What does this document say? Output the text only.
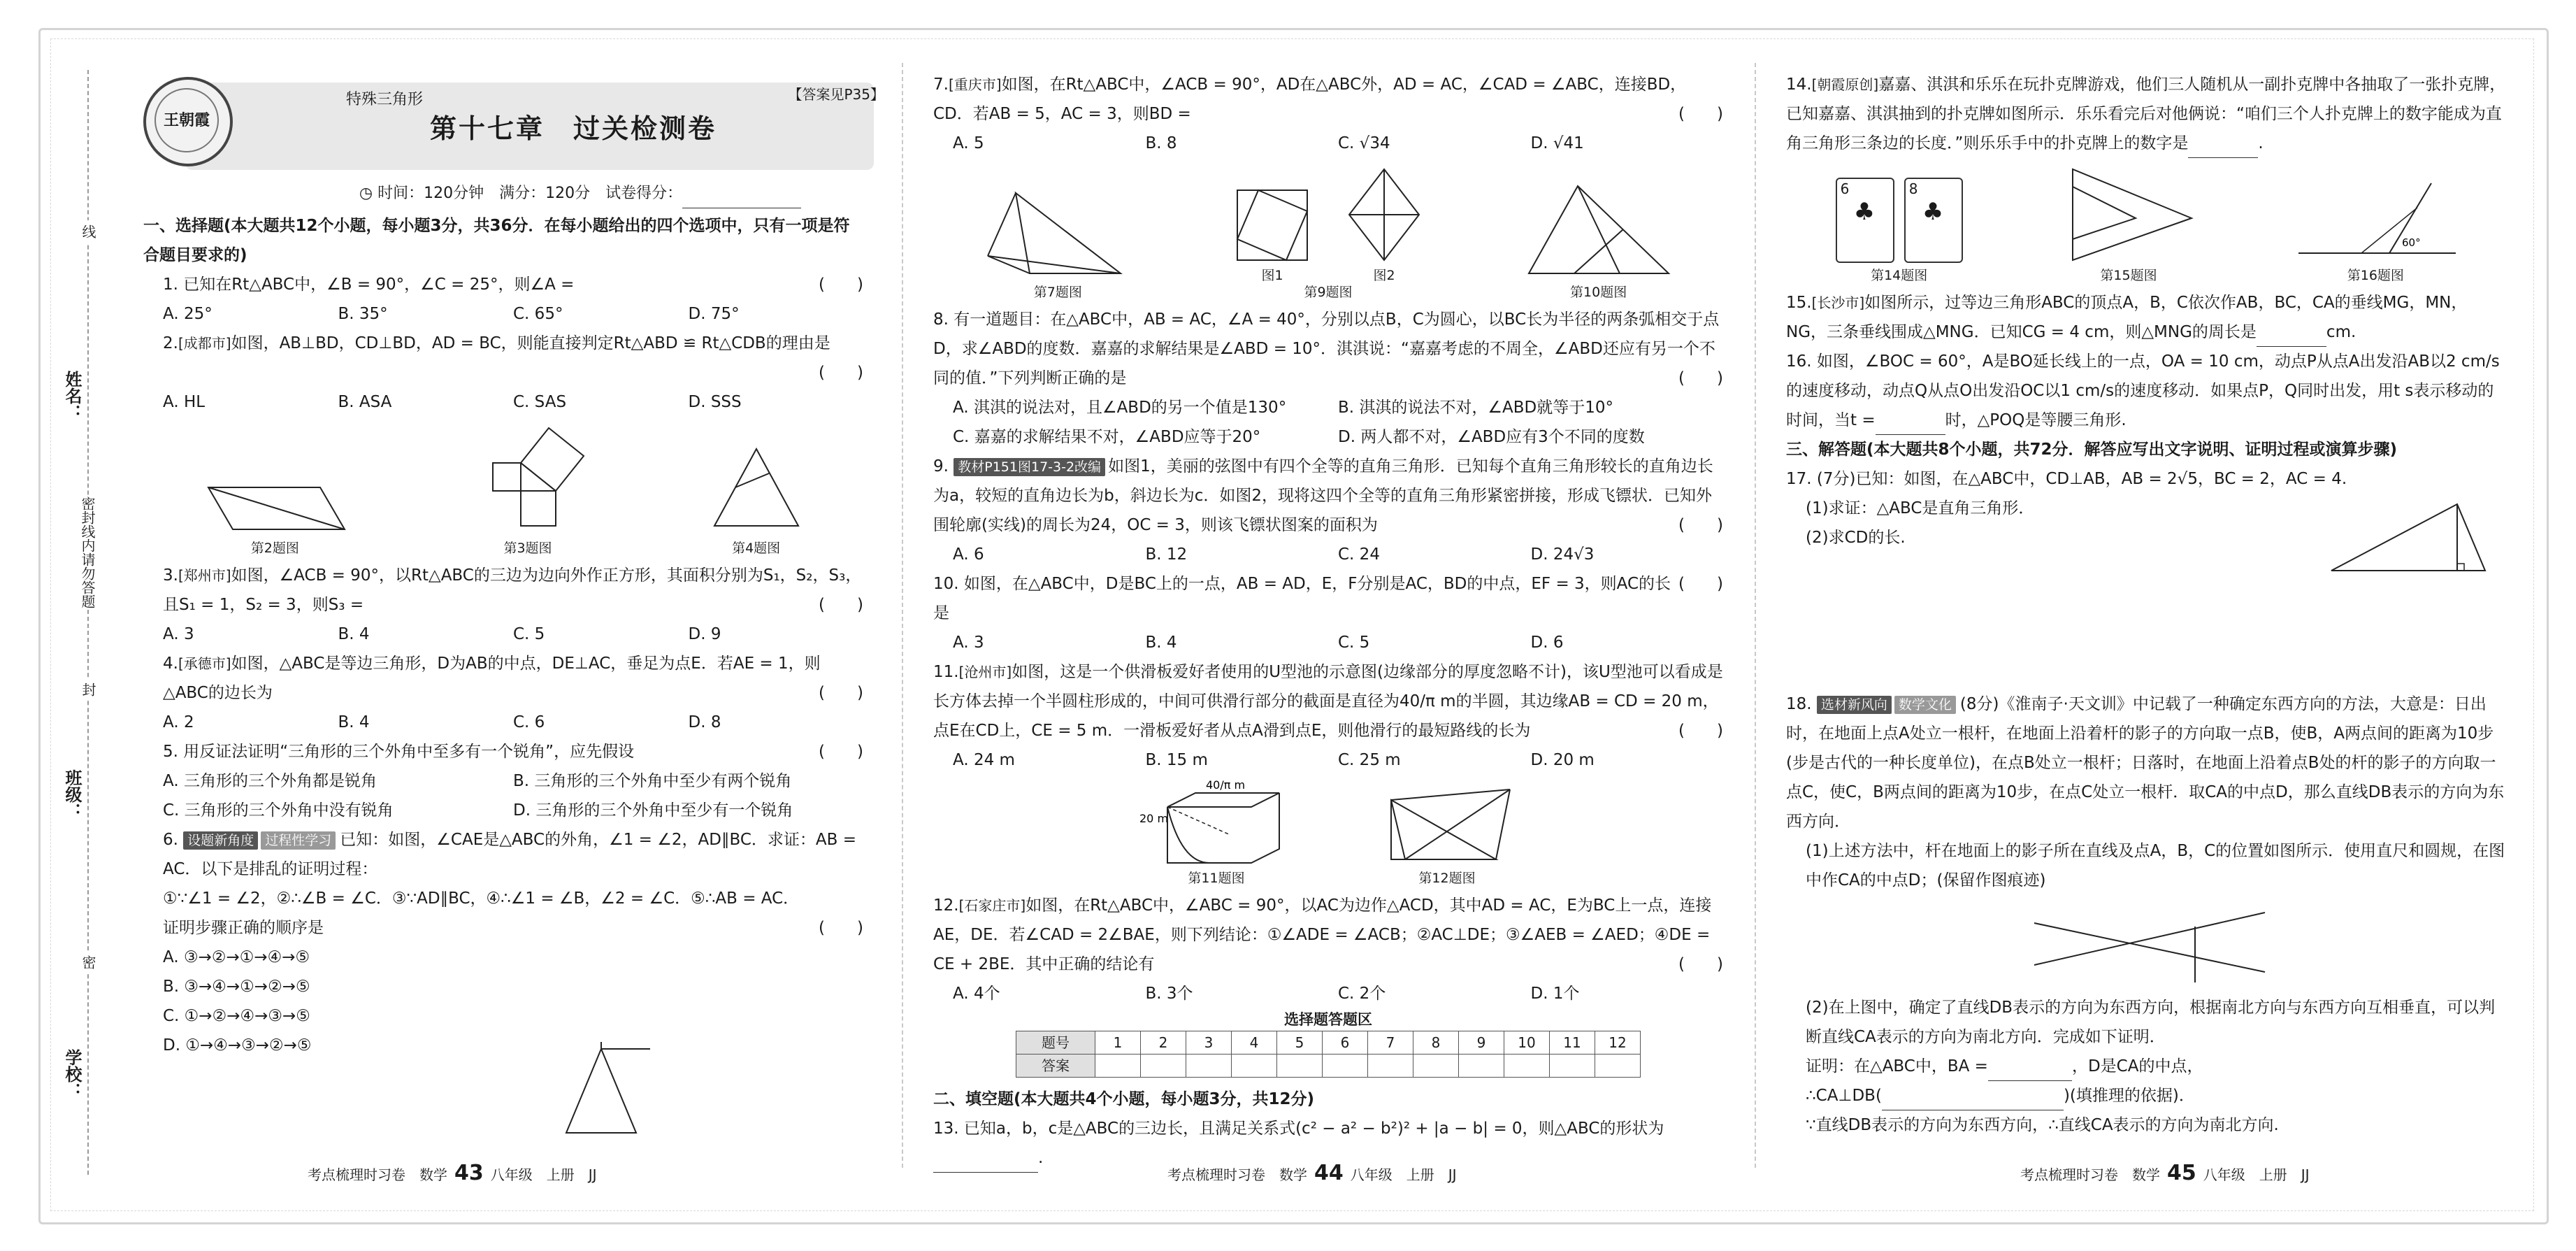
线
姓名：
密封线内请勿答题
封
班级：
密
学校：
特殊三角形
第十七章　过关检测卷
【答案见P35】
王朝霞
◷ 时间：120分钟　满分：120分　试卷得分：
一、选择题(本大题共12个小题，每小题3分，共36分．在每小题给出的四个选项中，只有一项是符合题目要求的)
(　　)
1. 已知在Rt△ABC中，∠B = 90°，∠C = 25°，则∠A =
A. 25°	B. 35°	C. 65°	D. 75°
2.[成都市]如图，AB⊥BD，CD⊥BD，AD = BC，则能直接判定Rt△ABD ≌ Rt△CDB的理由是

(　　)

A. HL	B. ASA	C. SAS	D. SSS
第2题图	第3题图	第4题图
3.[郑州市]如图，∠ACB = 90°，以Rt△ABC的三边为边向外作正方形，其面积分别为S₁，S₂，S₃，且S₁ = 1，S₂ = 3，则S₃ =	(　　)
A. 3	B. 4	C. 5	D. 9
4.[承德市]如图，△ABC是等边三角形，D为AB的中点，DE⊥AC，垂足为点E．若AE = 1，则△ABC的边长为	(　　)
A. 2	B. 4	C. 6	D. 8
(　　)
5. 用反证法证明“三角形的三个外角中至多有一个锐角”，应先假设
A. 三角形的三个外角都是锐角	B. 三角形的三个外角中至少有两个锐角
C. 三角形的三个外角中没有锐角	D. 三角形的三个外角中至少有一个锐角
6. 设题新角度 过程性学习 已知：如图，∠CAE是△ABC的外角，∠1 = ∠2，AD∥BC．求证：AB = AC．以下是排乱的证明过程：
①∵∠1 = ∠2，②∴∠B = ∠C．③∵AD∥BC，④∴∠1 = ∠B，∠2 = ∠C．⑤∴AB = AC．
(　　)
证明步骤正确的顺序是
A. ③→②→①→④→⑤
B. ③→④→①→②→⑤
C. ①→②→④→③→⑤
D. ①→④→③→②→⑤
考点梳理时习卷　数学 43 八年级　上册　JJ
7.[重庆市]如图，在Rt△ABC中，∠ACB = 90°，AD在△ABC外，AD = AC，∠CAD = ∠ABC，连接BD，CD．若AB = 5，AC = 3，则BD =	(　　)
A. 5	B. 8	C. √34	D. √41
第7题图
图1	图2
第9题图	第10题图
8. 有一道题目：在△ABC中，AB = AC，∠A = 40°，分别以点B，C为圆心，以BC长为半径的两条弧相交于点D，求∠ABD的度数．嘉嘉的求解结果是∠ABD = 10°．淇淇说：“嘉嘉考虑的不周全，∠ABD还应有另一个不同的值．”下列判断正确的是	(　　)
A. 淇淇的说法对，且∠ABD的另一个值是130°	B. 淇淇的说法不对，∠ABD就等于10°
C. 嘉嘉的求解结果不对，∠ABD应等于20°	D. 两人都不对，∠ABD应有3个不同的度数
9. 教材P151图17-3-2改编 如图1，美丽的弦图中有四个全等的直角三角形．已知每个直角三角形较长的直角边长为a，较短的直角边长为b，斜边长为c．如图2，现将这四个全等的直角三角形紧密拼接，形成飞镖状．已知外围轮廓(实线)的周长为24，OC = 3，则该飞镖状图案的面积为	(　　)
A. 6	B. 12	C. 24	D. 24√3
(　　)
10. 如图，在△ABC中，D是BC上的一点，AB = AD，E，F分别是AC，BD的中点，EF = 3，则AC的长是
A. 3	B. 4	C. 5	D. 6
11.[沧州市]如图，这是一个供滑板爱好者使用的U型池的示意图(边缘部分的厚度忽略不计)，该U型池可以看成是长方体去掉一个半圆柱形成的，中间可供滑行部分的截面是直径为40/π m的半圆，其边缘AB = CD = 20 m，点E在CD上，CE = 5 m．一滑板爱好者从点A滑到点E，则他滑行的最短路线的长为	(　　)
A. 24 m	B. 15 m	C. 25 m	D. 20 m
40/π m
20 m
第11题图	第12题图
12.[石家庄市]如图，在Rt△ABC中，∠ABC = 90°，以AC为边作△ACD，其中AD = AC，E为BC上一点，连接AE，DE．若∠CAD = 2∠BAE，则下列结论：①∠ADE = ∠ACB；②AC⊥DE；③∠AEB = ∠AED；④DE = CE + 2BE．其中正确的结论有	(　　)
A. 4个	B. 3个	C. 2个	D. 1个
选择题答题区
题号	1	2	3	4	5	6	7	8	9	10	11	12
答案												
二、填空题(本大题共4个小题，每小题3分，共12分)
13. 已知a，b，c是△ABC的三边长，且满足关系式(c² − a² − b²)² + |a − b| = 0，则△ABC的形状为.
考点梳理时习卷　数学 44 八年级　上册　JJ
14.[朝霞原创]嘉嘉、淇淇和乐乐在玩扑克牌游戏，他们三人随机从一副扑克牌中各抽取了一张扑克牌，已知嘉嘉、淇淇抽到的扑克牌如图所示．乐乐看完后对他俩说：“咱们三个人扑克牌上的数字能成为直角三角形三条边的长度．”则乐乐手中的扑克牌上的数字是	.
6
♣

8
♣
第14题图	第15题图
60°
第16题图
15.[长沙市]如图所示，过等边三角形ABC的顶点A，B，C依次作AB，BC，CA的垂线MG，MN，NG，三条垂线围成△MNG．已知CG = 4 cm，则△MNG的周长是	cm.
16. 如图，∠BOC = 60°，A是BO延长线上的一点，OA = 10 cm，动点P从点A出发沿AB以2 cm/s的速度移动，动点Q从点O出发沿OC以1 cm/s的速度移动．如果点P，Q同时出发，用t s表示移动的时间，当t =	时，△POQ是等腰三角形.
三、解答题(本大题共8个小题，共72分．解答应写出文字说明、证明过程或演算步骤)
17. (7分)已知：如图，在△ABC中，CD⊥AB，AB = 2√5，BC = 2，AC = 4.
(1)求证：△ABC是直角三角形．
(2)求CD的长.
18. 选材新风向 数学文化 (8分)《淮南子·天文训》中记载了一种确定东西方向的方法，大意是：日出时，在地面上点A处立一根杆，在地面上沿着杆的影子的方向取一点B，使B，A两点间的距离为10步(步是古代的一种长度单位)，在点B处立一根杆；日落时，在地面上沿着点B处的杆的影子的方向取一点C，使C，B两点间的距离为10步，在点C处立一根杆．取CA的中点D，那么直线DB表示的方向为东西方向．
(1)上述方法中，杆在地面上的影子所在直线及点A，B，C的位置如图所示．使用直尺和圆规，在图中作CA的中点D；(保留作图痕迹)
(2)在上图中，确定了直线DB表示的方向为东西方向，根据南北方向与东西方向互相垂直，可以判断直线CA表示的方向为南北方向．完成如下证明．
证明：在△ABC中，BA =	，D是CA的中点，
∴CA⊥DB(	)(填推理的依据)．
∵直线DB表示的方向为东西方向，∴直线CA表示的方向为南北方向.
考点梳理时习卷　数学 45 八年级　上册　JJ
